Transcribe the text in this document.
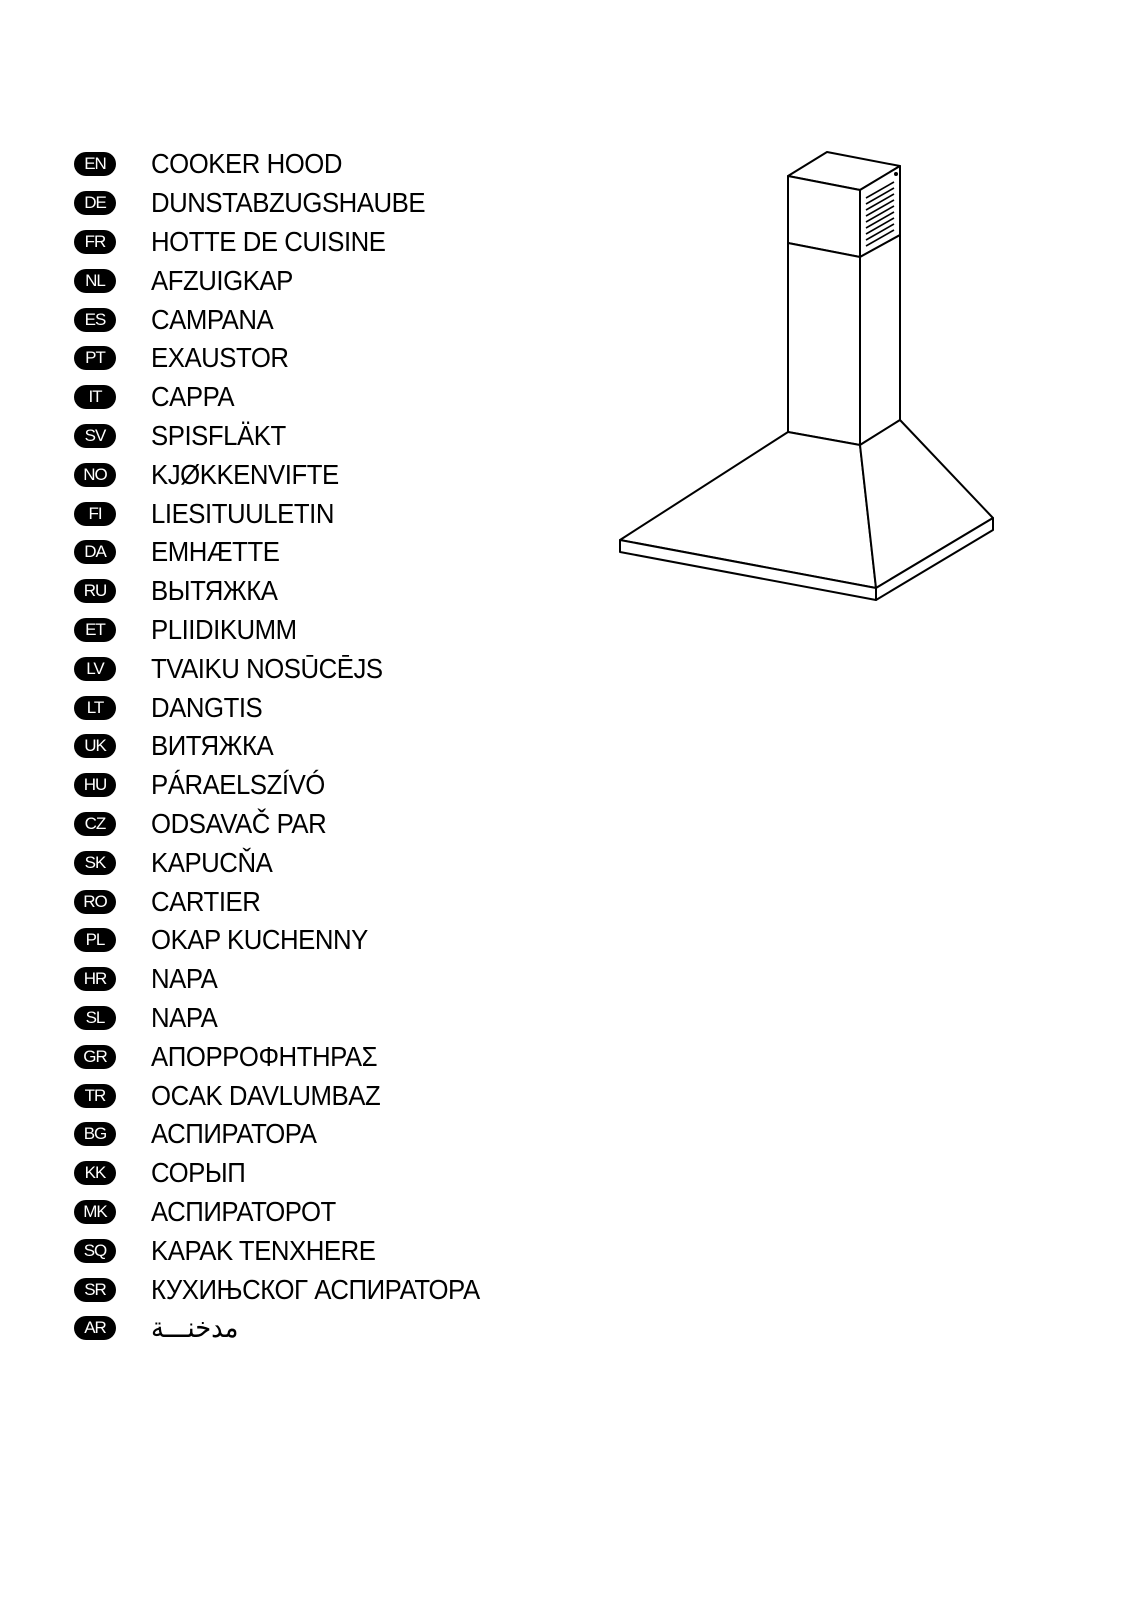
EN	COOKER HOOD
DE	DUNSTABZUGSHAUBE
FR	HOTTE DE CUISINE
NL	AFZUIGKAP
ES	CAMPANA
PT	EXAUSTOR
IT	CAPPA
SV	SPISFLÄKT
NO	KJØKKENVIFTE
FI	LIESITUULETIN
DA	EMHÆTTE
RU	ВЫТЯЖКА
ET	PLIIDIKUMM
LV	TVAIKU NOSŪCĒJS
LT	DANGTIS
UK	ВИТЯЖКА
HU	PÁRAELSZÍVÓ
CZ	ODSAVAČ PAR
SK	KAPUCŇA
RO	CARTIER
PL	OKAP KUCHENNY
HR	NAPA
SL	NAPA
GR	ΑΠΟΡΡΟΦΗΤΗΡΑΣ
TR	OCAK DAVLUMBAZ
BG	АСПИРАТОРА
KK	СОРЫП
MK	АСПИРАТОРОТ
SQ	KAPAK TENXHERE
SR	КУХИЊСКОГ АСПИРАТОРА
AR	مدخنـــة
